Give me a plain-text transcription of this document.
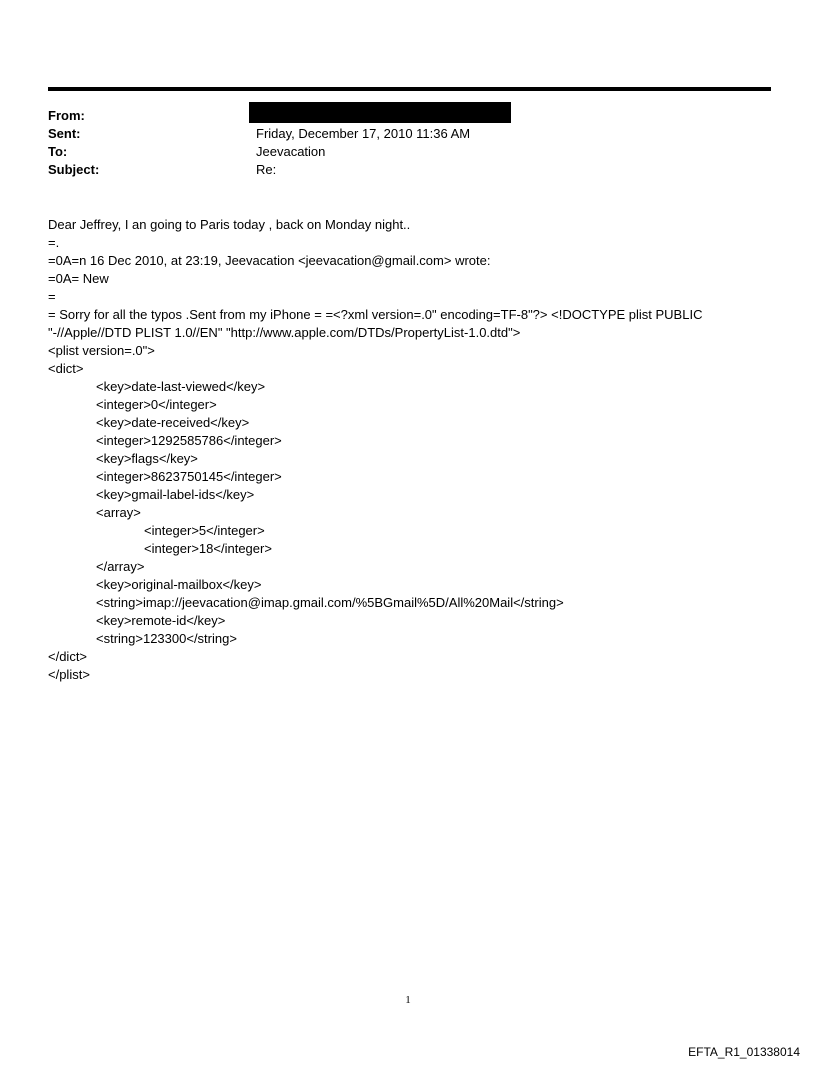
From:
Sent:	Friday, December 17, 2010 11:36 AM
To:	Jeevacation
Subject:	Re:
Dear Jeffrey, I an going to Paris today , back on Monday night..
=.
=0A=n 16 Dec 2010, at 23:19, Jeevacation <jeevacation@gmail.com> wrote:
=0A= New
=
= Sorry for all the typos .Sent from my iPhone = =<?xml version=.0" encoding=TF-8"?> <!DOCTYPE plist PUBLIC "-//Apple//DTD PLIST 1.0//EN" "http://www.apple.com/DTDs/PropertyList-1.0.dtd">
<plist version=.0">
<dict>
<key>date-last-viewed</key>
<integer>0</integer>
<key>date-received</key>
<integer>1292585786</integer>
<key>flags</key>
<integer>8623750145</integer>
<key>gmail-label-ids</key>
<array>
<integer>5</integer>
<integer>18</integer>
</array>
<key>original-mailbox</key>
<string>imap://jeevacation@imap.gmail.com/%5BGmail%5D/All%20Mail</string>
<key>remote-id</key>
<string>123300</string>
</dict>
</plist>
1
EFTA_R1_01338014
